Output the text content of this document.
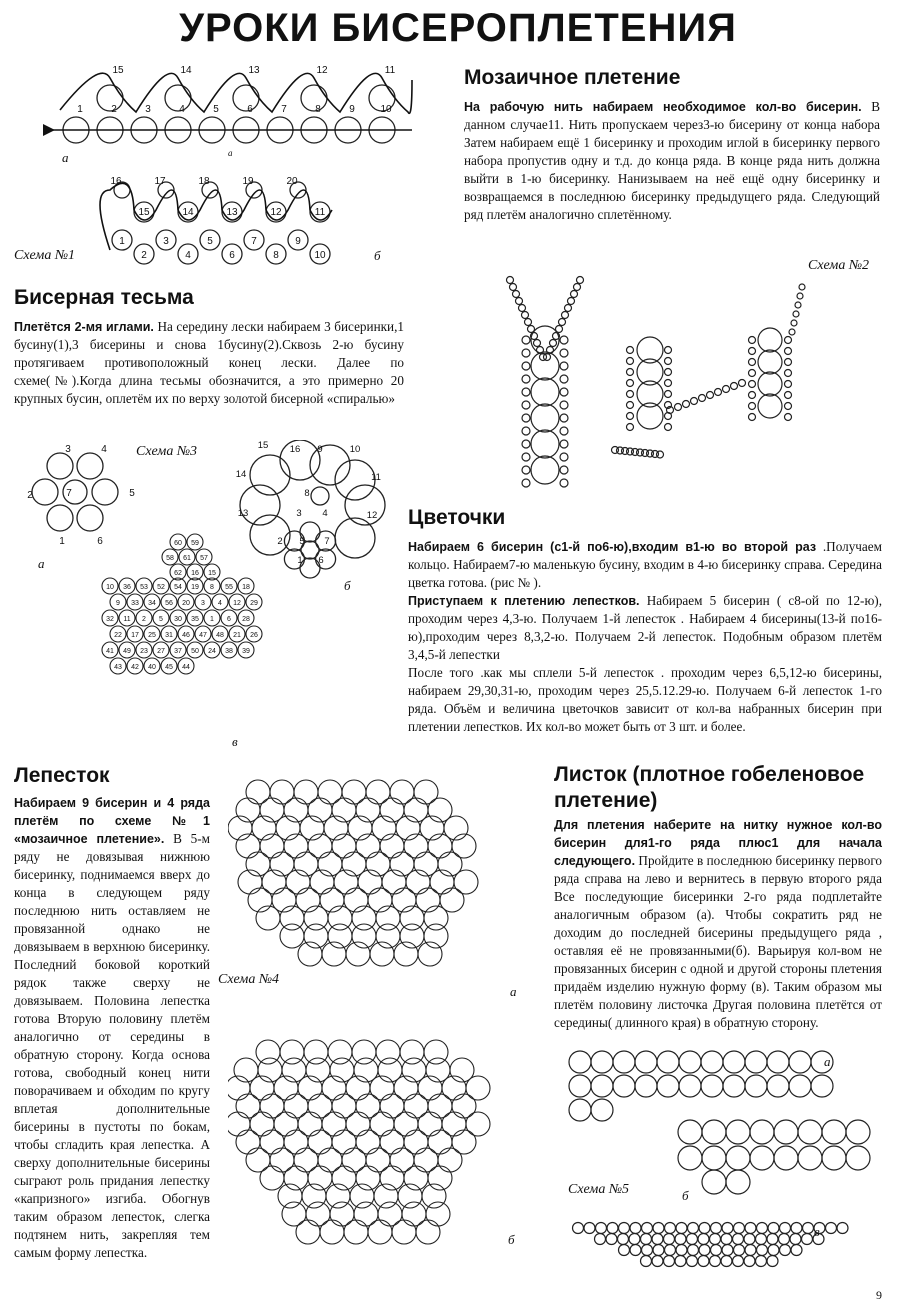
УРОКИ БИСЕРОПЛЕТЕНИЯ
1	2	3	4	5	6	7	8	9	10
15	14	13	12	11
1	3	5	7	9
2	4	6	8	10
15	14	13	12	11
16	17	18	19	20
а	а
Схема №1	б
Мозаичное плетение
На рабочую нить набираем необходимое кол-во бисерин. В данном случае11. Нить пропускаем через3-ю бисерину от конца набора Затем набираем ещё 1 бисеринку и проходим иглой в бисеринку первого набора пропустив одну и т.д. до конца ряда. В конце ряда нить должна выйти в 1-ю бисеринку. Нанизываем на неё ещё одну бисеринку и возвращаемся в последнюю бисеринку предыдущего ряда. Следующий ряд плетём аналогично сплетённому.
Схема №2
Бисерная тесьма
Плетётся 2-мя иглами. На середину лески набираем 3 бисеринки,1 бусину(1),3 бисерины и снова 1бусину(2).Сквозь 2-ю бусину протягиваем противоположный конец лески. Далее по схеме(№).Когда длина тесьмы обозначится, а это примерно 20 крупных бусин, оплетём их по верху золотой бисерной «спиралью»
Схема №3
3	4
2	5
1	6
7
15 16 9	10
14	11
13	12
8
3 4
2	7
5
1 6
60 59
58 61 57
62 16 15
10 36 53 52 54 19 8 55 18
9 33 34 56 20 3 4 12 29
32 11 2 5 30 35 1 6 28
22 17 25 31 46 47 48 21 26
41 49 23 27 37 50 24 38 39
43 42 40 45 44
а
б
в
Цветочки

Набираем 6 бисерин (с1-й по6-ю),входим в1-ю во второй раз .Получаем кольцо. Набираем7-ю маленькую бусину, входим в 4-ю бисеринку справа. Середина цветка готова. (рис № ).

Приступаем к плетению лепестков. Набираем 5 бисерин ( с8-ой по 12-ю), проходим через 4,3-ю. Получаем 1-й лепесток . Набираем 4 бисерины(13-й по16-ю),проходим через 8,3,2-ю. Получаем 2-й лепесток. Подобным образом плетём 3,4,5-й лепестки

После того .как мы сплели 5-й лепесток . проходим через 6,5,12-ю бисерины, набираем 29,30,31-ю, проходим через 25,5.12.29-ю. Получаем 6-й лепесток 1-го ряда. Объём и величина цветочков зависит от кол-ва набранных бисерин при плетении лепестков. Их кол-во может быть от 3 шт. и более.

Лепесток
Набираем 9 бисерин и 4 ряда плетём по схеме №1 «мозаичное плетение». В 5-м ряду не довязывая нижнюю бисеринку, поднимаемся вверх до конца в следующем ряду последнюю нить оставляем не провязанной однако не довязываем в верхнюю бисеринку. Последний боковой короткий рядок также сверху не довязываем. Половина лепестка готова Вторую половину плетём аналогично от середины в обратную сторону. Когда основа готова, свободный конец нити поворачиваем и обходим по кругу вплетая дополнительные бисерины в пустоты по бокам, чтобы сгладить края лепестка. А сверху дополнительные бисерины сыграют роль придания лепестку «капризного» изгиба. Обогнув таким образом лепесток, слегка подтянем нить, закрепляя тем самым форму лепестка.
Схема №4
а
б
Листок (плотное гобеленовое плетение)
Для плетения наберите на нитку нужное кол-во бисерин для1-го ряда плюс1 для начала следующего. Пройдите в последнюю бисеринку первого ряда справа на лево и вернитесь в первую второго ряда Все последующие бисеринки 2-го ряда подплетайте аналогичным образом (а). Чтобы сократить ряд не доходим до последней бисерины предыдущего ряда , оставляя её не провязанными(б). Варьируя кол-вом не провязанных бисерин с одной и другой стороны плетения придаём изделию нужную форму (в). Таким образом мы плетём половину листочка Другая половина плетётся от середины( длинного края) в обратную сторону.
а
Схема №5	б
в
9
